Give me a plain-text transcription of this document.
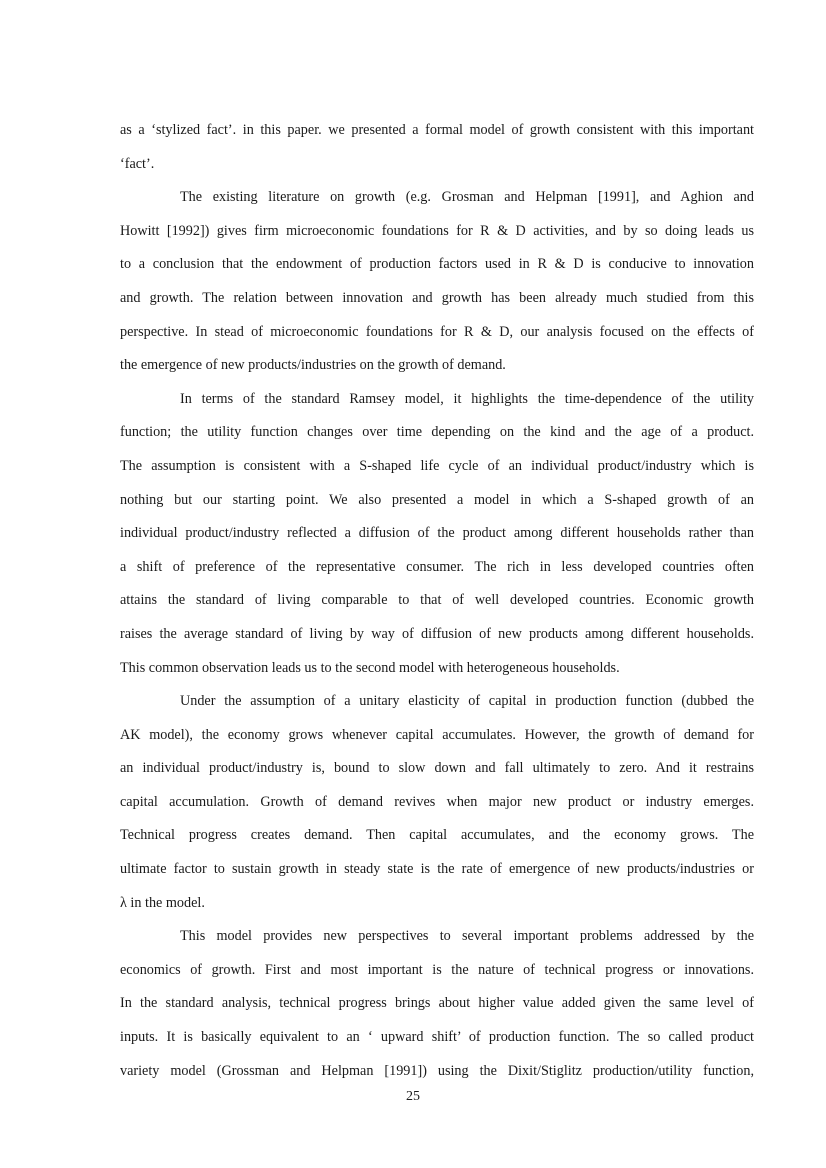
as a ‘stylized fact’. in this paper. we presented a formal model of growth consistent with this important
‘fact’.
The existing literature on growth (e.g. Grosman and Helpman [1991], and Aghion and
Howitt [1992]) gives firm microeconomic foundations for R & D activities, and by so doing leads us
to a conclusion that the endowment of production factors used in R & D is conducive to innovation
and growth. The relation between innovation and growth has been already much studied from this
perspective. In stead of microeconomic foundations for R & D, our analysis focused on the effects of
the emergence of new products/industries on the growth of demand.
In terms of the standard Ramsey model, it highlights the time-dependence of the utility
function; the utility function changes over time depending on the kind and the age of a product.
The assumption is consistent with a S-shaped life cycle of an individual product/industry which is
nothing but our starting point. We also presented a model in which a S-shaped growth of an
individual product/industry reflected a diffusion of the product among different households rather than
a shift of preference of the representative consumer. The rich in less developed countries often
attains the standard of living comparable to that of well developed countries. Economic growth
raises the average standard of living by way of diffusion of new products among different households.
This common observation leads us to the second model with heterogeneous households.
Under the assumption of a unitary elasticity of capital in production function (dubbed the
AK model), the economy grows whenever capital accumulates. However, the growth of demand for
an individual product/industry is, bound to slow down and fall ultimately to zero. And it restrains
capital accumulation. Growth of demand revives when major new product or industry emerges.
Technical progress creates demand. Then capital accumulates, and the economy grows. The
ultimate factor to sustain growth in steady state is the rate of emergence of new products/industries or
λ in the model.
This model provides new perspectives to several important problems addressed by the
economics of growth. First and most important is the nature of technical progress or innovations.
In the standard analysis, technical progress brings about higher value added given the same level of
inputs. It is basically equivalent to an ‘ upward shift’ of production function. The so called product
variety model (Grossman and Helpman [1991]) using the Dixit/Stiglitz production/utility function,
25
